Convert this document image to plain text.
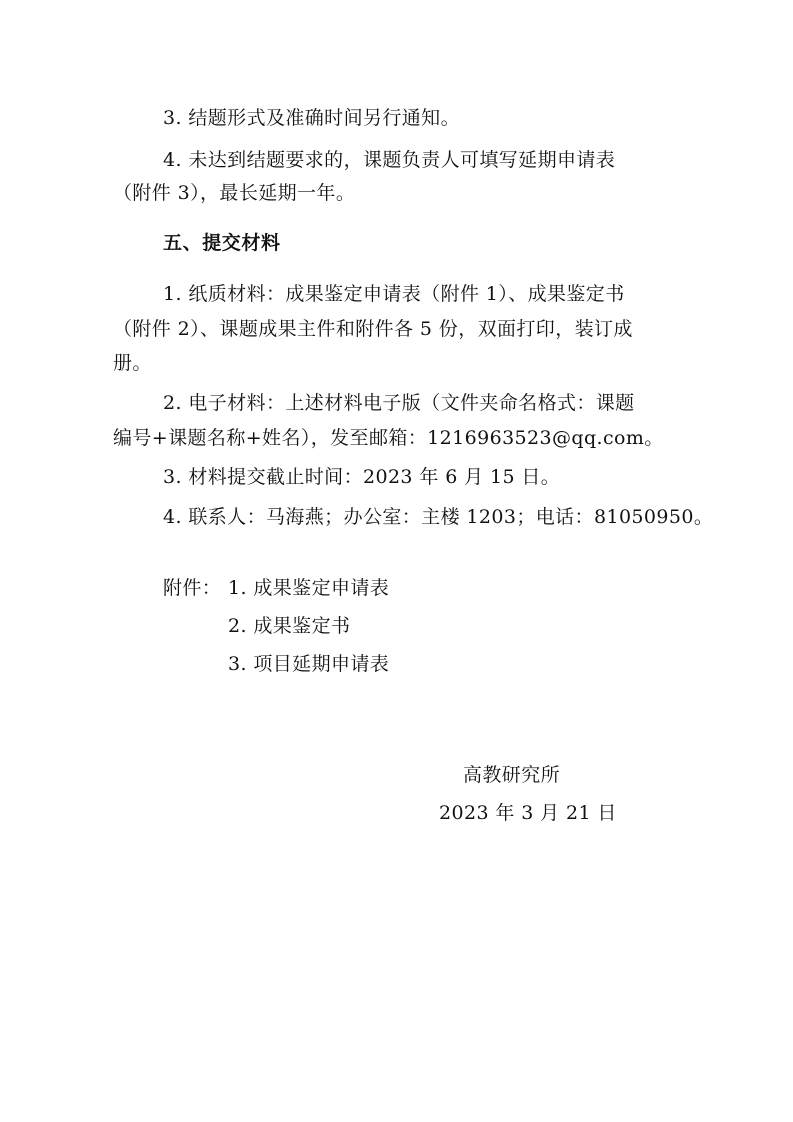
3. 结题形式及准确时间另行通知。
4. 未达到结题要求的，课题负责人可填写延期申请表
（附件 3），最长延期一年。
五、提交材料
1. 纸质材料：成果鉴定申请表（附件 1）、成果鉴定书
（附件 2）、课题成果主件和附件各 5 份，双面打印，装订成
册。
2. 电子材料：上述材料电子版（文件夹命名格式：课题
编号+课题名称+姓名），发至邮箱：1216963523@qq.com。
3. 材料提交截止时间：2023 年 6 月 15 日。
4. 联系人：马海燕；办公室：主楼 1203；电话：81050950。
附件： 1. 成果鉴定申请表
2. 成果鉴定书
3. 项目延期申请表
高教研究所
2023 年 3 月 21 日
